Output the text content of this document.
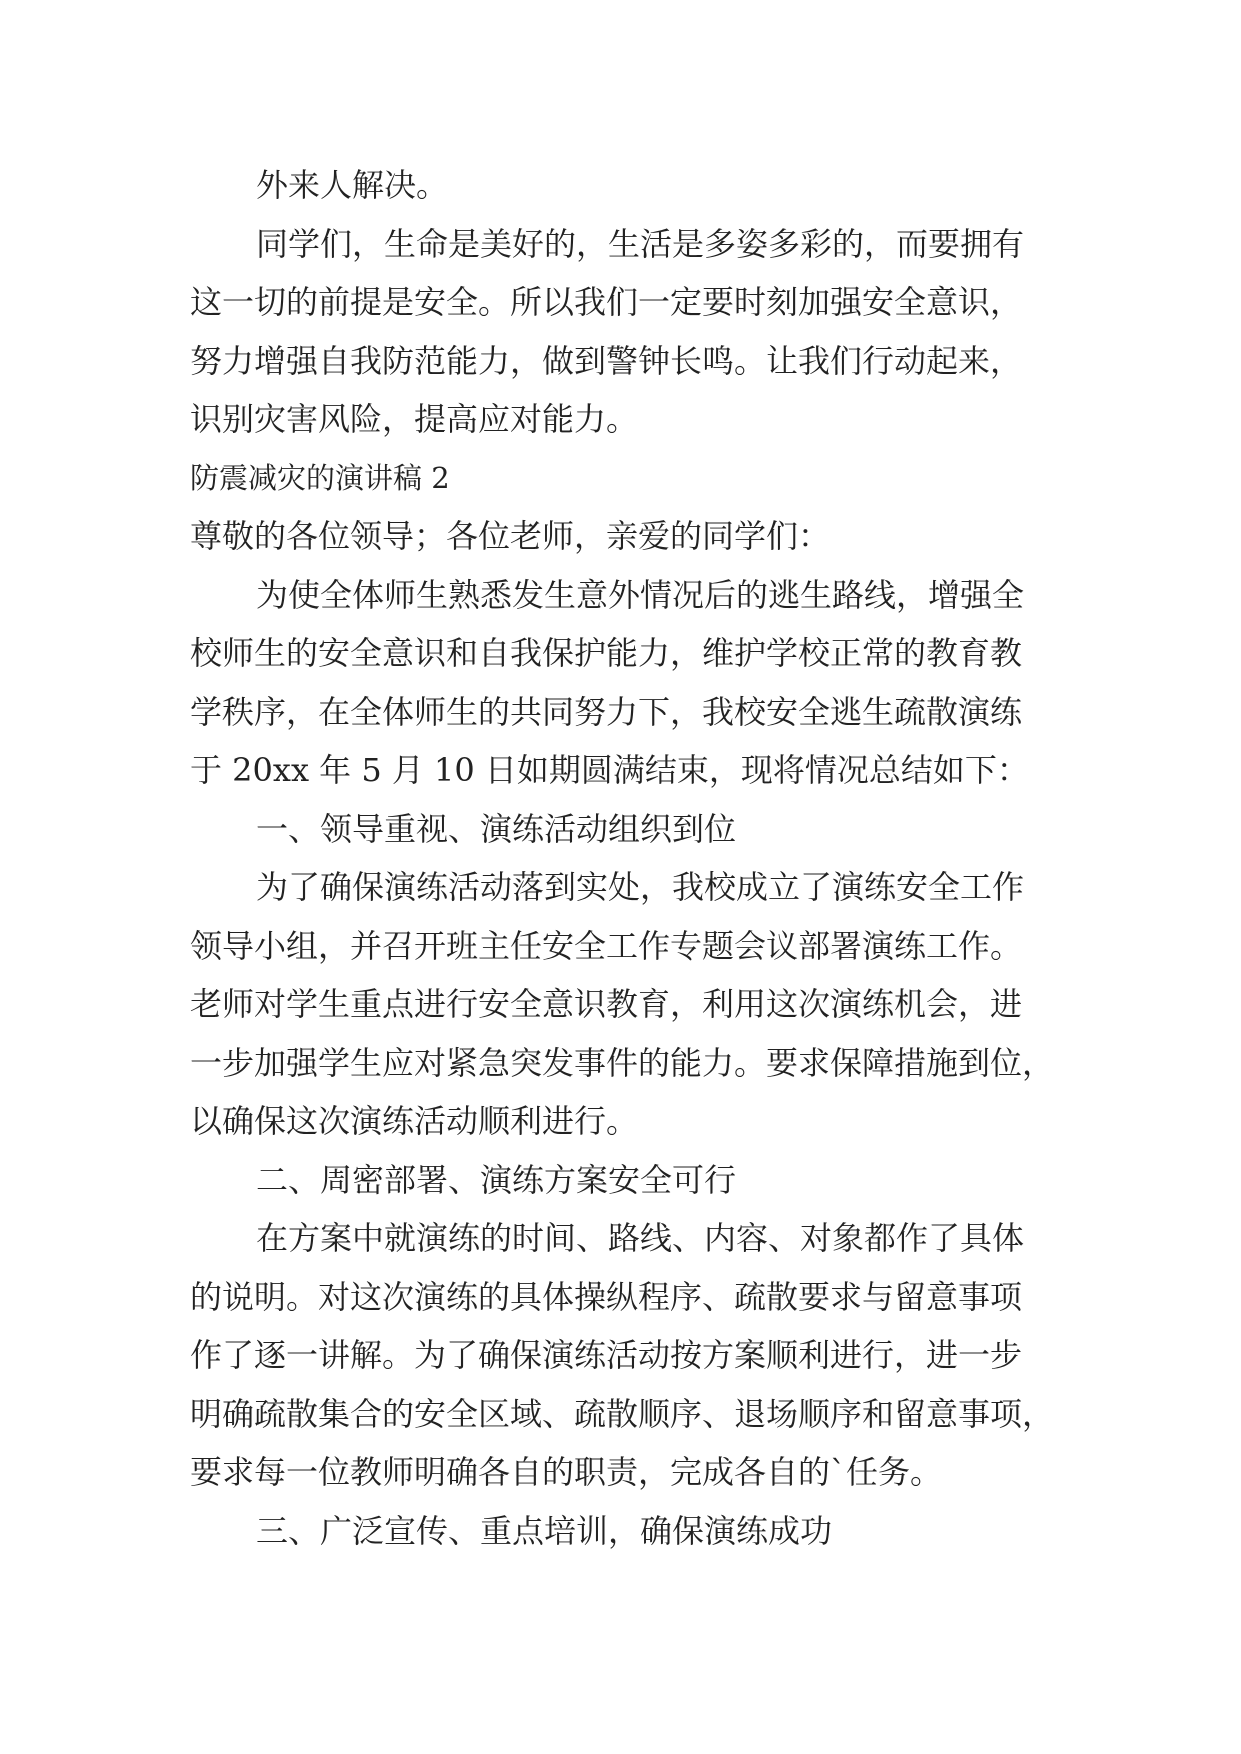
外来人解决。
同学们，生命是美好的，生活是多姿多彩的，而要拥有
这一切的前提是安全。所以我们一定要时刻加强安全意识，
努力增强自我防范能力，做到警钟长鸣。让我们行动起来，
识别灾害风险，提高应对能力。
防震减灾的演讲稿 2
尊敬的各位领导；各位老师，亲爱的同学们：
为使全体师生熟悉发生意外情况后的逃生路线，增强全
校师生的安全意识和自我保护能力，维护学校正常的教育教
学秩序，在全体师生的共同努力下，我校安全逃生疏散演练
于 20xx 年 5 月 10 日如期圆满结束，现将情况总结如下：
一、领导重视、演练活动组织到位
为了确保演练活动落到实处，我校成立了演练安全工作
领导小组，并召开班主任安全工作专题会议部署演练工作。
老师对学生重点进行安全意识教育，利用这次演练机会，进
一步加强学生应对紧急突发事件的能力。要求保障措施到位，
以确保这次演练活动顺利进行。
二、周密部署、演练方案安全可行
在方案中就演练的时间、路线、内容、对象都作了具体
的说明。对这次演练的具体操纵程序、疏散要求与留意事项
作了逐一讲解。为了确保演练活动按方案顺利进行，进一步
明确疏散集合的安全区域、疏散顺序、退场顺序和留意事项，
要求每一位教师明确各自的职责，完成各自的`任务。
三、广泛宣传、重点培训，确保演练成功
